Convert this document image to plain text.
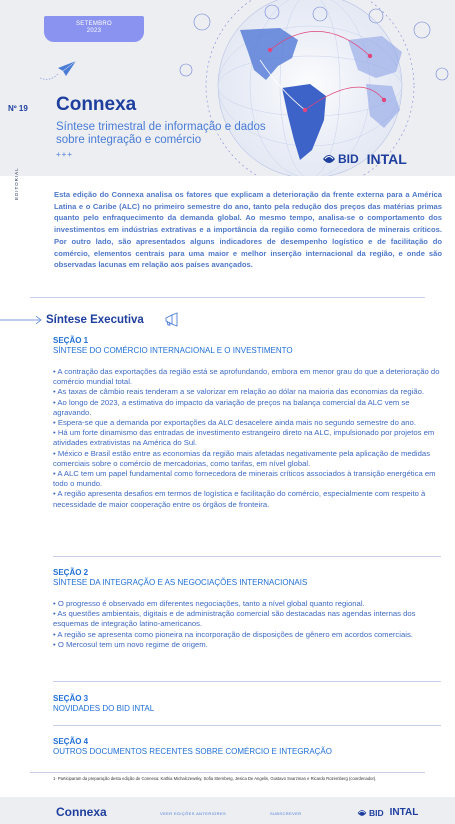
SETEMBRO
2023
Nº 19 Connexa
Síntese trimestral de informação e dados sobre integração e comércio
+++	BID INTAL
EDITORIAL	Esta edição do Connexa analisa os fatores que explicam a deterioração da frente externa para a América Latina e o Caribe (ALC) no primeiro semestre do ano, tanto pela redução dos preços das matérias primas quanto pelo enfraquecimento da demanda global. Ao mesmo tempo, analisa-se o comportamento dos investimentos em indústrias extrativas e a importância da região como fornecedora de minerais críticos. Por outro lado, são apresentados alguns indicadores de desempenho logístico e de facilitação do comércio, elementos centrais para uma maior e melhor inserção internacional da região, e onde são observadas lacunas em relação aos países avançados.
Síntese Executiva
SEÇÃO 1
SÍNTESE DO COMÉRCIO INTERNACIONAL E O INVESTIMENTO

• A contração das exportações da região está se aprofundando, embora em menor grau do que a deterioração do comércio mundial total.

• As taxas de câmbio reais tenderam a se valorizar em relação ao dólar na maioria das economias da região.

• Ao longo de 2023, a estimativa do impacto da variação de preços na balança comercial da ALC vem se agravando.

• Espera-se que a demanda por exportações da ALC desacelere ainda mais no segundo semestre do ano.

• Há um forte dinamismo das entradas de investimento estrangeiro direto na ALC, impulsionado por projetos em atividades extrativistas na América do Sul.

• México e Brasil estão entre as economias da região mais afetadas negativamente pela aplicação de medidas comerciais sobre o comércio de mercadorias, como tarifas, em nível global.

• A ALC tem um papel fundamental como fornecedora de minerais críticos associados à transição energética em todo o mundo.

• A região apresenta desafios em termos de logística e facilitação do comércio, especialmente com respeito à necessidade de maior cooperação entre os órgãos de fronteira.

SEÇÃO 2
SÍNTESE DA INTEGRAÇÃO E AS NEGOCIAÇÕES INTERNACIONAIS

• O progresso é observado em diferentes negociações, tanto a nível global quanto regional.

• As questões ambientais, digitais e de administração comercial são destacadas nas agendas internas dos esquemas de integração latino-americanos.

• A região se apresenta como pioneira na incorporação de disposições de gênero em acordos comerciais.

• O Mercosul tem um novo regime de origem.

SEÇÃO 3
NOVIDADES DO BID INTAL
SEÇÃO 4
OUTROS DOCUMENTOS RECENTES SOBRE COMÉRCIO E INTEGRAÇÃO
1· Participaram da preparação desta edição de Connexa: Kathia Michalczewsky, Sofia Sternberg, Jesica De Angelis, Gustavo Svarzman e Ricardo Rozemberg (coordenador).
Connexa	VEER EDIÇÕES ANTERIORES	SUBSCREVER	BID INTAL
